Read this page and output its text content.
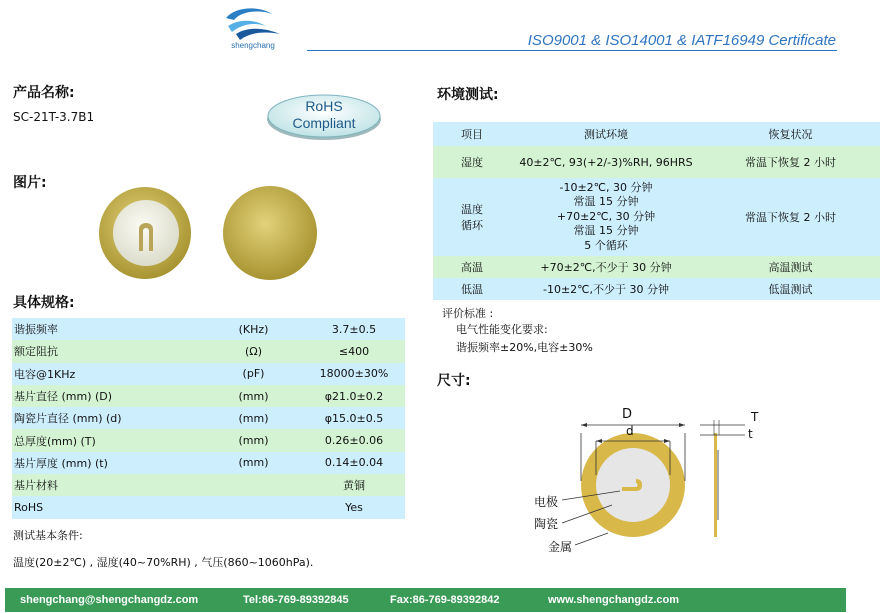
shengchang	ISO9001 & ISO14001 & IATF16949 Certificate
产品名称:
SC-21T-3.7B1
RoHS
Compliant
图片:
具体规格:
谐振频率	(KHz)	3.7±0.5
额定阻抗	(Ω)	≤400
电容@1KHz	(pF)	18000±30%
基片直径 (mm) (D)	(mm)	φ21.0±0.2
陶瓷片直径 (mm) (d)	(mm)	φ15.0±0.5
总厚度(mm) (T)	(mm)	0.26±0.06
基片厚度 (mm) (t)	(mm)	0.14±0.04
基片材料		黄铜
RoHS		Yes
测试基本条件:
温度(20±2℃) , 湿度(40~70%RH) , 气压(860~1060hPa).
环境测试:
项目	测试环境	恢复状况
湿度	40±2℃, 93(+2/-3)%RH, 96HRS	常温下恢复 2 小时
温度循环	-10±2℃, 30 分钟
常温 15 分钟
+70±2℃, 30 分钟
常温 15 分钟
5 个循环	常温下恢复 2 小时
高温	+70±2℃,不少于 30 分钟	高温测试
低温	-10±2℃,不少于 30 分钟	低温测试
评价标准 :
电气性能变化要求:
谐振频率±20%,电容±30%
尺寸:
D
d
T
t
电极
陶瓷
金属
shengchang@shengchangdz.com	Tel:86-769-89392845	Fax:86-769-89392842	www.shengchangdz.com
